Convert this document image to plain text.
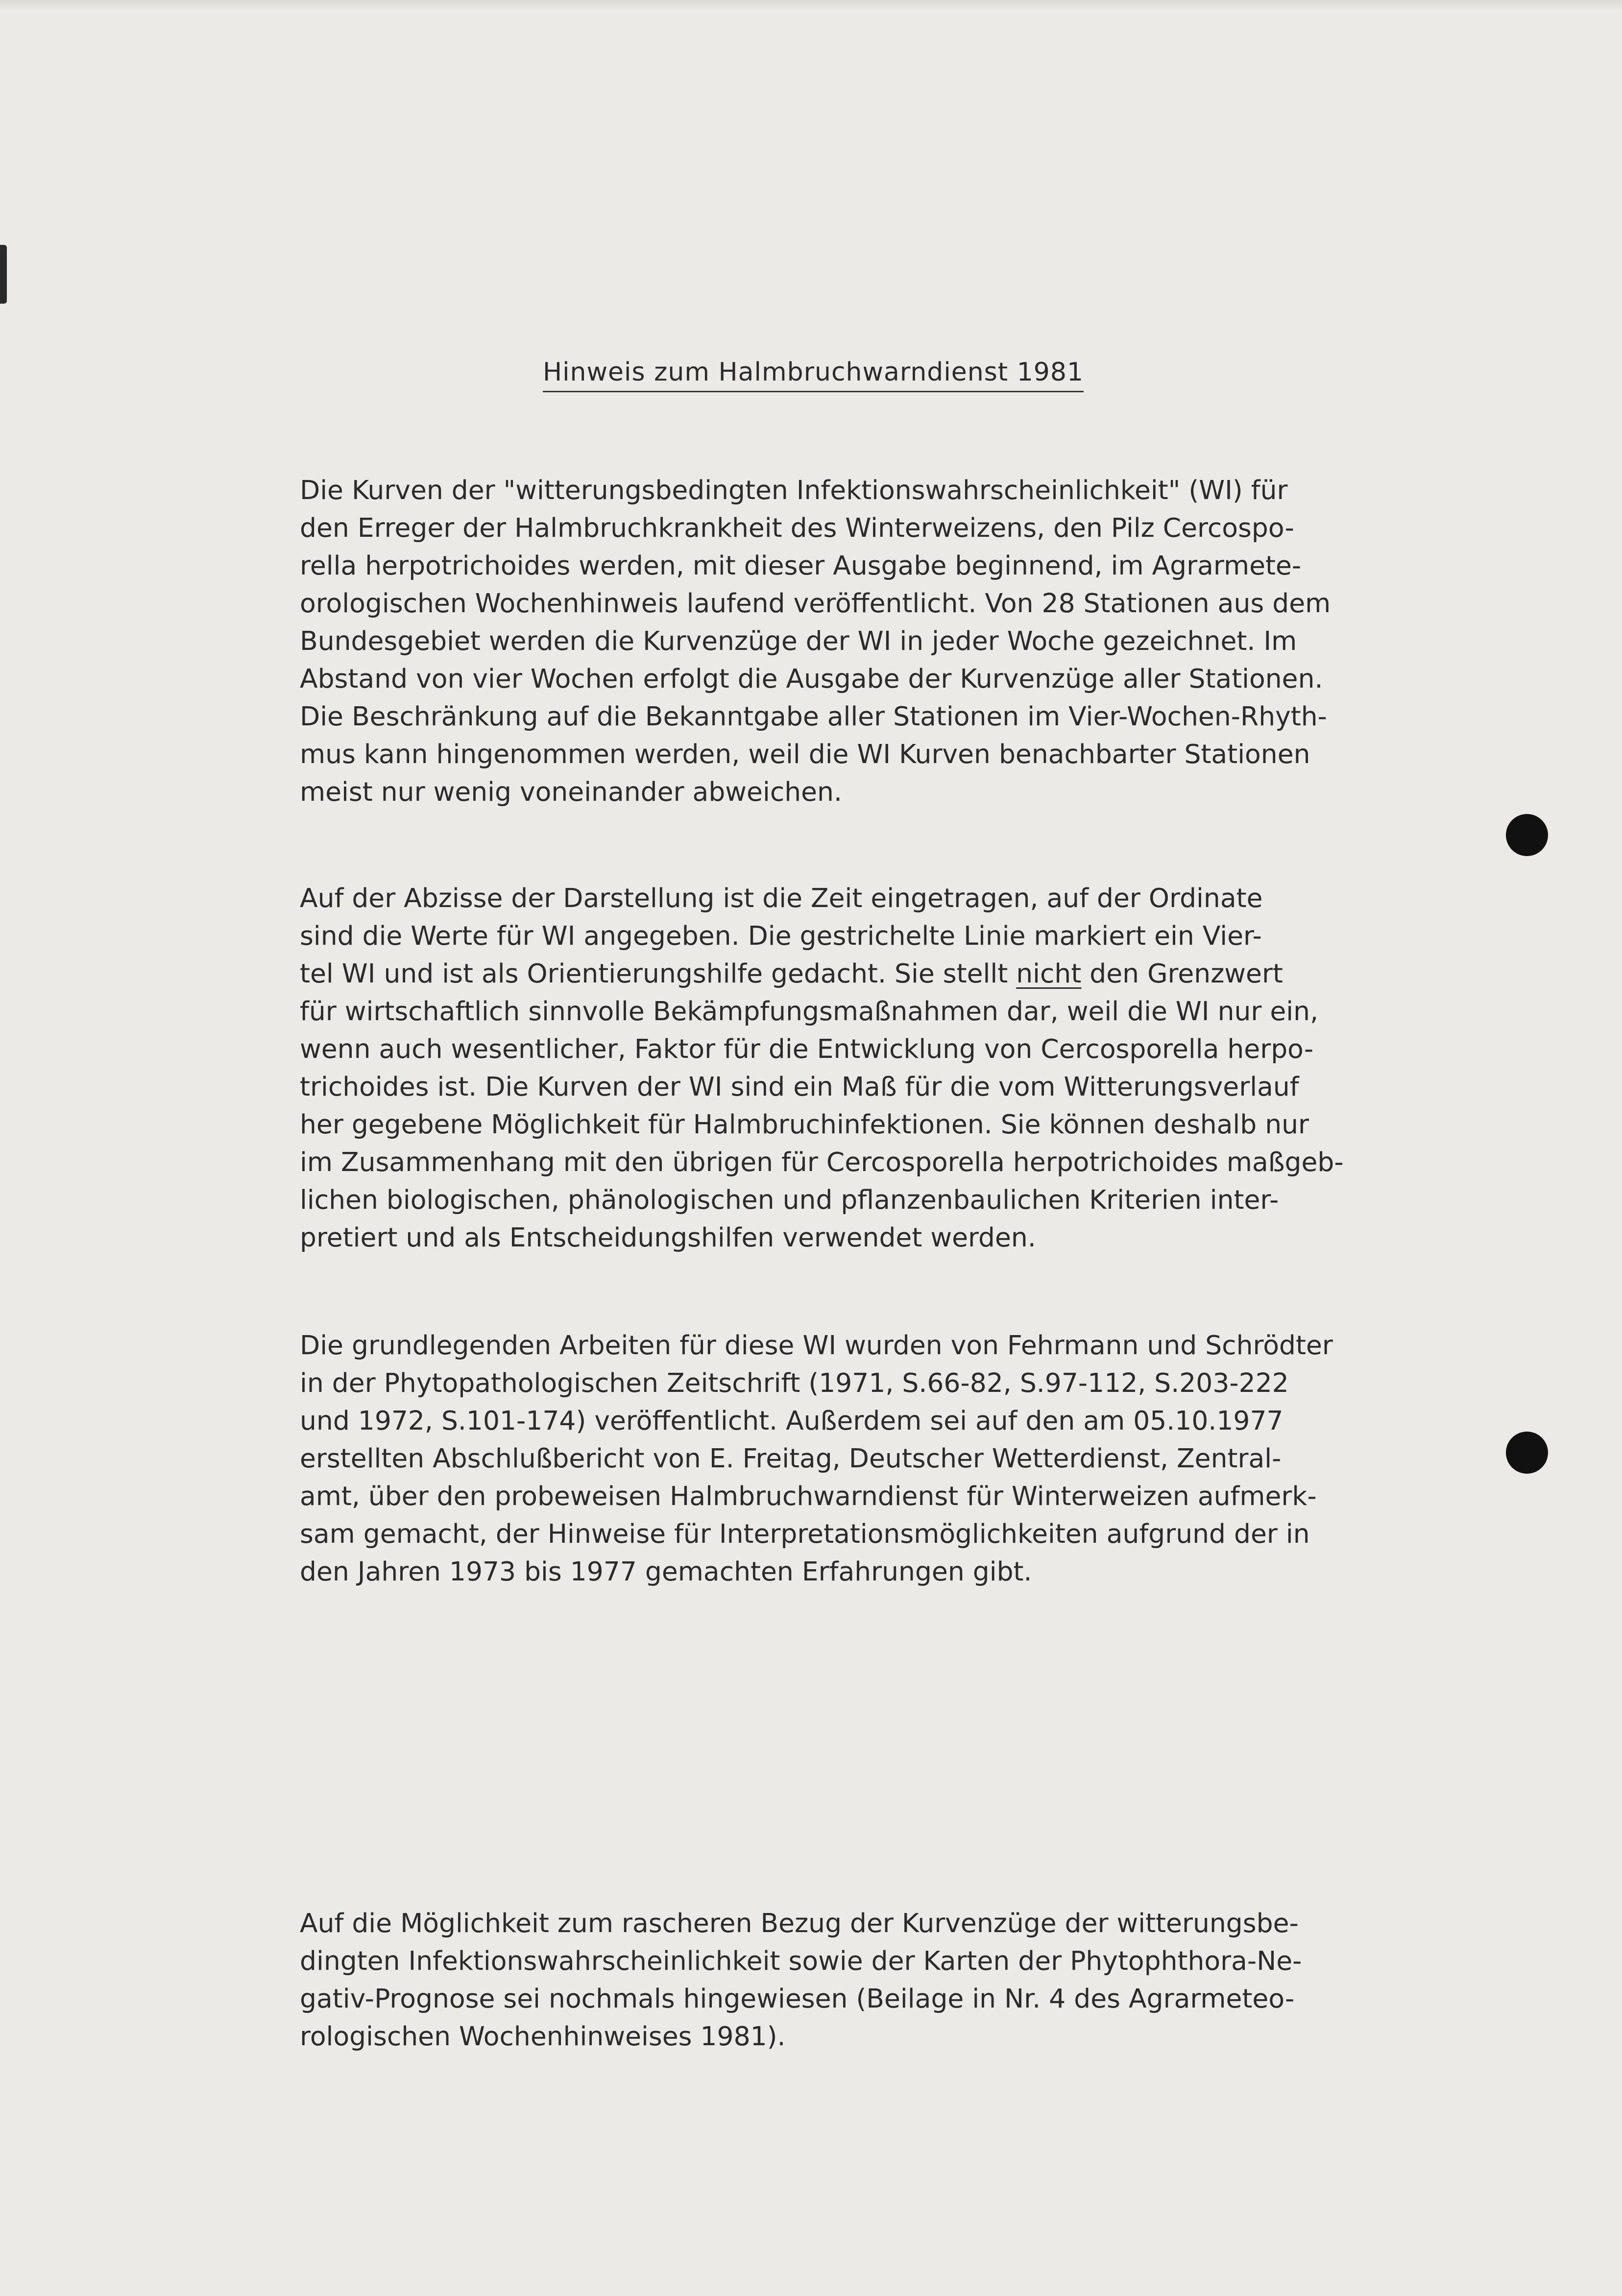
Hinweis zum Halmbruchwarndienst 1981

Die Kurven der "witterungsbedingten Infektionswahrscheinlichkeit" (WI) für
den Erreger der Halmbruchkrankheit des Winterweizens, den Pilz Cercospo-
rella herpotrichoides werden, mit dieser Ausgabe beginnend, im Agrarmete-
orologischen Wochenhinweis laufend veröffentlicht. Von 28 Stationen aus dem
Bundesgebiet werden die Kurvenzüge der WI in jeder Woche gezeichnet. Im
Abstand von vier Wochen erfolgt die Ausgabe der Kurvenzüge aller Stationen.
Die Beschränkung auf die Bekanntgabe aller Stationen im Vier-Wochen-Rhyth-
mus kann hingenommen werden, weil die WI Kurven benachbarter Stationen
meist nur wenig voneinander abweichen.

Auf der Abzisse der Darstellung ist die Zeit eingetragen, auf der Ordinate
sind die Werte für WI angegeben. Die gestrichelte Linie markiert ein Vier-
tel WI und ist als Orientierungshilfe gedacht. Sie stellt nicht den Grenzwert
für wirtschaftlich sinnvolle Bekämpfungsmaßnahmen dar, weil die WI nur ein,
wenn auch wesentlicher, Faktor für die Entwicklung von Cercosporella herpo-
trichoides ist. Die Kurven der WI sind ein Maß für die vom Witterungsverlauf
her gegebene Möglichkeit für Halmbruchinfektionen. Sie können deshalb nur
im Zusammenhang mit den übrigen für Cercosporella herpotrichoides maßgeb-
lichen biologischen, phänologischen und pflanzenbaulichen Kriterien inter-
pretiert und als Entscheidungshilfen verwendet werden.

Die grundlegenden Arbeiten für diese WI wurden von Fehrmann und Schrödter
in der Phytopathologischen Zeitschrift (1971, S.66-82, S.97-112, S.203-222
und 1972, S.101-174) veröffentlicht. Außerdem sei auf den am 05.10.1977
erstellten Abschlußbericht von E. Freitag, Deutscher Wetterdienst, Zentral-
amt, über den probeweisen Halmbruchwarndienst für Winterweizen aufmerk-
sam gemacht, der Hinweise für Interpretationsmöglichkeiten aufgrund der in
den Jahren 1973 bis 1977 gemachten Erfahrungen gibt.

Auf die Möglichkeit zum rascheren Bezug der Kurvenzüge der witterungsbe-
dingten Infektionswahrscheinlichkeit sowie der Karten der Phytophthora-Ne-
gativ-Prognose sei nochmals hingewiesen (Beilage in Nr. 4 des Agrarmeteo-
rologischen Wochenhinweises 1981).
